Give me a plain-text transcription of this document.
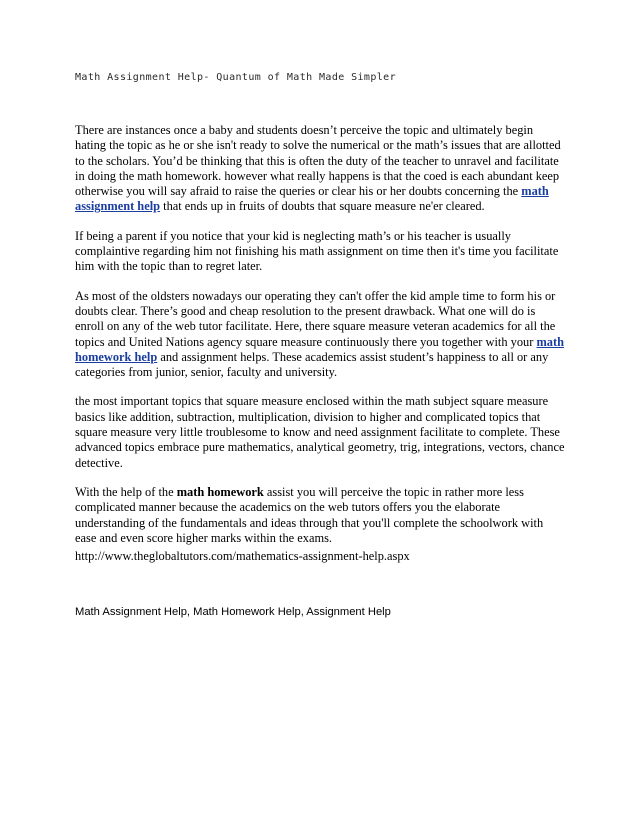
Math Assignment Help- Quantum of Math Made Simpler

There are instances once a baby and students doesn’t perceive the topic and ultimately begin hating the topic as he or she isn't ready to solve the numerical or the math’s issues that are allotted to the scholars. You’d be thinking that this is often the duty of the teacher to unravel and facilitate in doing the math homework. however what really happens is that the coed is each abundant keep otherwise you will say afraid to raise the queries or clear his or her doubts concerning the math assignment help that ends up in fruits of doubts that square measure ne'er cleared.

If being a parent if you notice that your kid is neglecting math’s or his teacher is usually complaintive regarding him not finishing his math assignment on time then it's time you facilitate him with the topic than to regret later.

As most of the oldsters nowadays our operating they can't offer the kid ample time to form his or doubts clear. There’s good and cheap resolution to the present drawback. What one will do is enroll on any of the web tutor facilitate. Here, there square measure veteran academics for all the topics and United Nations agency square measure continuously there you together with your math homework help and assignment helps. These academics assist student’s happiness to all or any categories from junior, senior, faculty and university.

the most important topics that square measure enclosed within the math subject square measure basics like addition, subtraction, multiplication, division to higher and complicated topics that square measure very little troublesome to know and need assignment facilitate to complete. These advanced topics embrace pure mathematics, analytical geometry, trig, integrations, vectors, chance detective.

With the help of the math homework assist you will perceive the topic in rather more less complicated manner because the academics on the web tutors offers you the elaborate understanding of the fundamentals and ideas through that you'll complete the schoolwork with ease and even score higher marks within the exams.

http://www.theglobaltutors.com/mathematics-assignment-help.aspx
Math Assignment Help, Math Homework Help, Assignment Help
